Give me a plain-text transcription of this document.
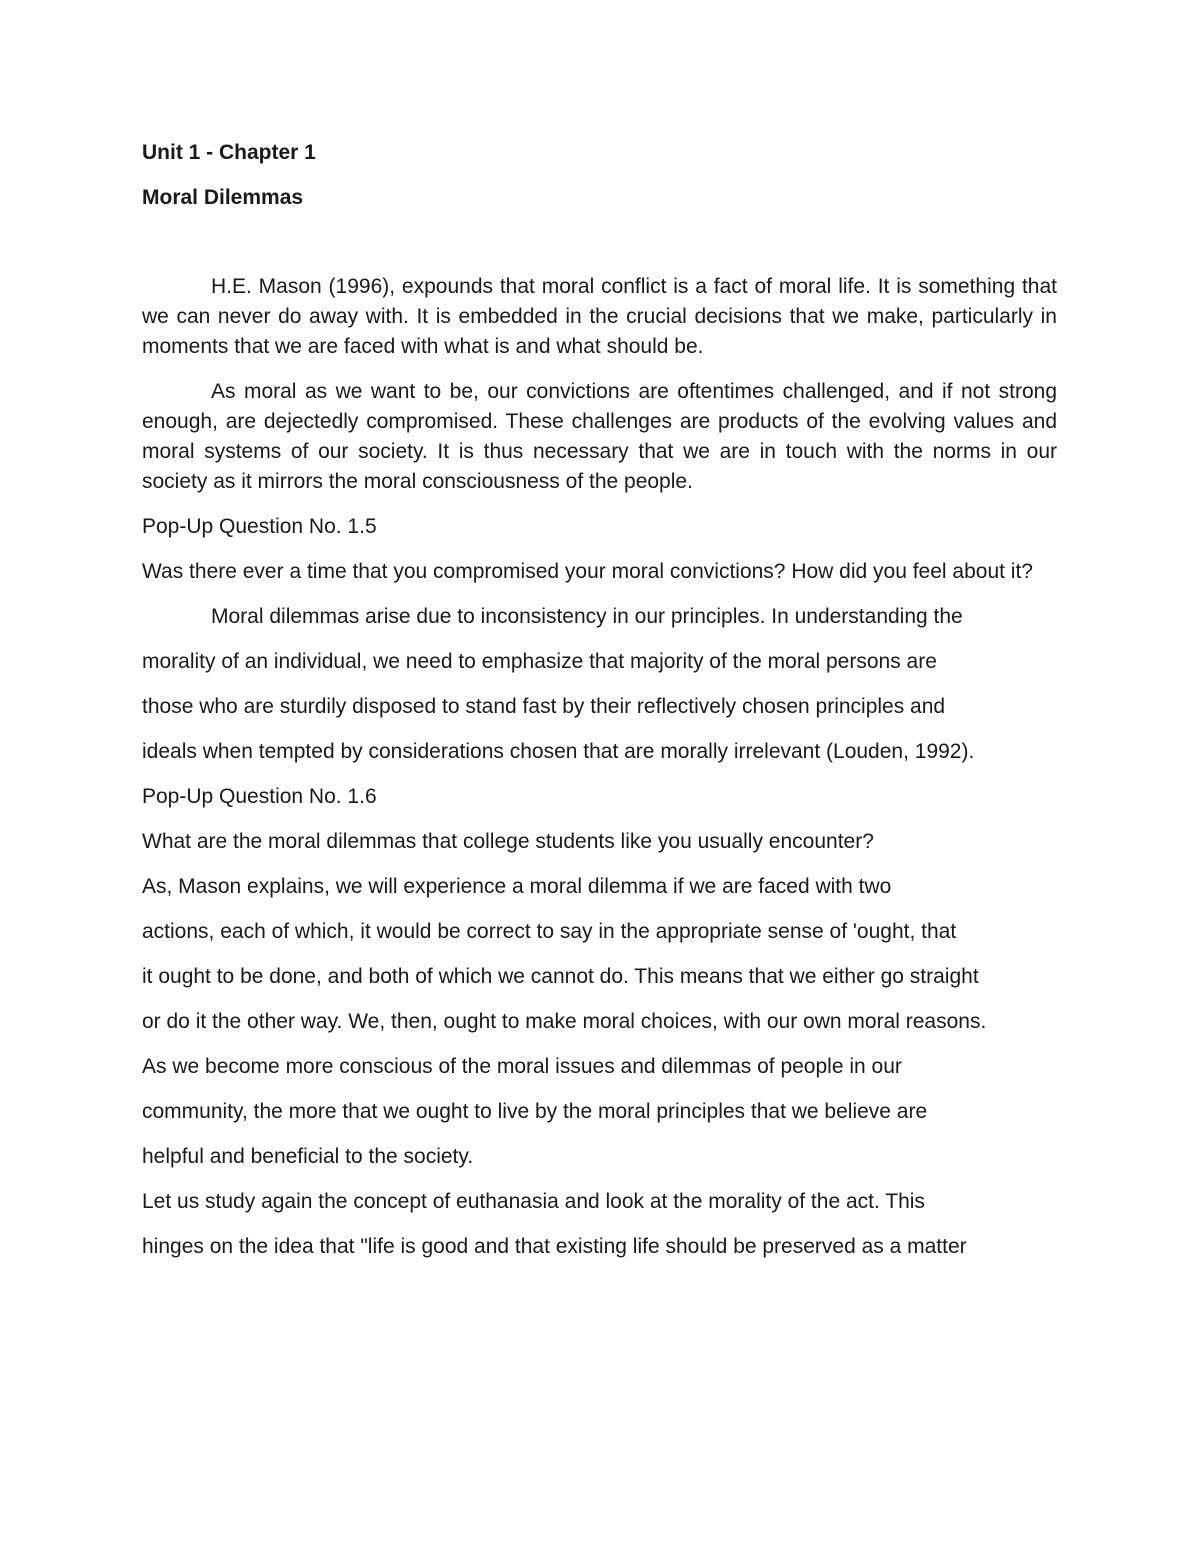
Unit 1 - Chapter 1

Moral Dilemmas

H.E. Mason (1996), expounds that moral conflict is a fact of moral life. It is something that we can never do away with. It is embedded in the crucial decisions that we make, particularly in moments that we are faced with what is and what should be.

As moral as we want to be, our convictions are oftentimes challenged, and if not strong enough, are dejectedly compromised. These challenges are products of the evolving values and moral systems of our society. It is thus necessary that we are in touch with the norms in our society as it mirrors the moral consciousness of the people.

Pop-Up Question No. 1.5

Was there ever a time that you compromised your moral convictions? How did you feel about it?

Moral dilemmas arise due to inconsistency in our principles. In understanding the

morality of an individual, we need to emphasize that majority of the moral persons are

those who are sturdily disposed to stand fast by their reflectively chosen principles and

ideals when tempted by considerations chosen that are morally irrelevant (Louden, 1992).

Pop-Up Question No. 1.6

What are the moral dilemmas that college students like you usually encounter?

As, Mason explains, we will experience a moral dilemma if we are faced with two

actions, each of which, it would be correct to say in the appropriate sense of 'ought, that

it ought to be done, and both of which we cannot do. This means that we either go straight

or do it the other way. We, then, ought to make moral choices, with our own moral reasons.

As we become more conscious of the moral issues and dilemmas of people in our

community, the more that we ought to live by the moral principles that we believe are

helpful and beneficial to the society.

Let us study again the concept of euthanasia and look at the morality of the act. This

hinges on the idea that "life is good and that existing life should be preserved as a matter
